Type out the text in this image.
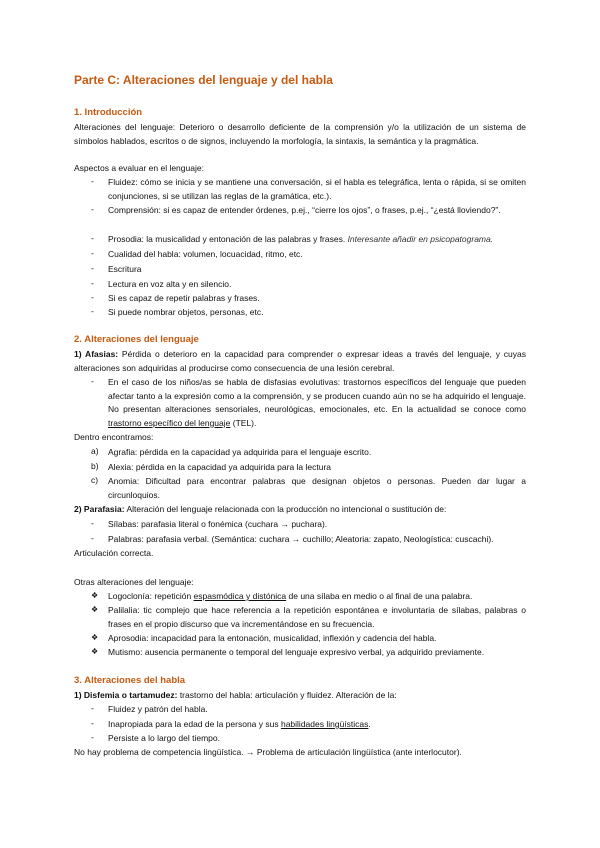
Parte C: Alteraciones del lenguaje y del habla
1. Introducción
Alteraciones del lenguaje: Deterioro o desarrollo deficiente de la comprensión y/o la utilización de un sistema de símbolos hablados, escritos o de signos, incluyendo la morfología, la sintaxis, la semántica y la pragmática.
Aspectos a evaluar en el lenguaje:
- Fluidez: cómo se inicia y se mantiene una conversación, si el habla es telegráfica, lenta o rápida, si se omiten conjunciones, si se utilizan las reglas de la gramática, etc.).
- Comprensión: si es capaz de entender órdenes, p.ej., “cierre los ojos”, o frases, p.ej., “¿está lloviendo?”.
- Prosodia: la musicalidad y entonación de las palabras y frases. Interesante añadir en psicopatograma.
- Cualidad del habla: volumen, locuacidad, ritmo, etc.
- Escritura
- Lectura en voz alta y en silencio.
- Si es capaz de repetir palabras y frases.
- Si puede nombrar objetos, personas, etc.
2. Alteraciones del lenguaje
1) Afasias: Pérdida o deterioro en la capacidad para comprender o expresar ideas a través del lenguaje, y cuyas alteraciones son adquiridas al producirse como consecuencia de una lesión cerebral.
- En el caso de los niños/as se habla de disfasias evolutivas: trastornos específicos del lenguaje que pueden afectar tanto a la expresión como a la comprensión, y se producen cuando aún no se ha adquirido el lenguaje. No presentan alteraciones sensoriales, neurológicas, emocionales, etc. En la actualidad se conoce como trastorno específico del lenguaje (TEL).
Dentro encontramos:
a) Agrafia: pérdida en la capacidad ya adquirida para el lenguaje escrito.
b) Alexia: pérdida en la capacidad ya adquirida para la lectura
c) Anomia: Dificultad para encontrar palabras que designan objetos o personas. Pueden dar lugar a circunloquios.
2) Parafasia: Alteración del lenguaje relacionada con la producción no intencional o sustitución de:
- Sílabas: parafasia literal o fonémica (cuchara → puchara).
- Palabras: parafasia verbal. (Semántica: cuchara → cuchillo; Aleatoria: zapato, Neologística: cuscachi).
Articulación correcta.
Otras alteraciones del lenguaje:
❖ Logoclonía: repetición espasmódica y distónica de una sílaba en medio o al final de una palabra.
❖ Palilalia: tic complejo que hace referencia a la repetición espontánea e involuntaria de sílabas, palabras o frases en el propio discurso que va incrementándose en su frecuencia.
❖ Aprosodia: incapacidad para la entonación, musicalidad, inflexión y cadencia del habla.
❖ Mutismo: ausencia permanente o temporal del lenguaje expresivo verbal, ya adquirido previamente.
3. Alteraciones del habla
1) Disfemia o tartamudez: trastorno del habla: articulación y fluidez. Alteración de la:
- Fluidez y patrón del habla.
- Inapropiada para la edad de la persona y sus habilidades lingüísticas.
- Persiste a lo largo del tiempo.
No hay problema de competencia lingüística. → Problema de articulación lingüística (ante interlocutor).
